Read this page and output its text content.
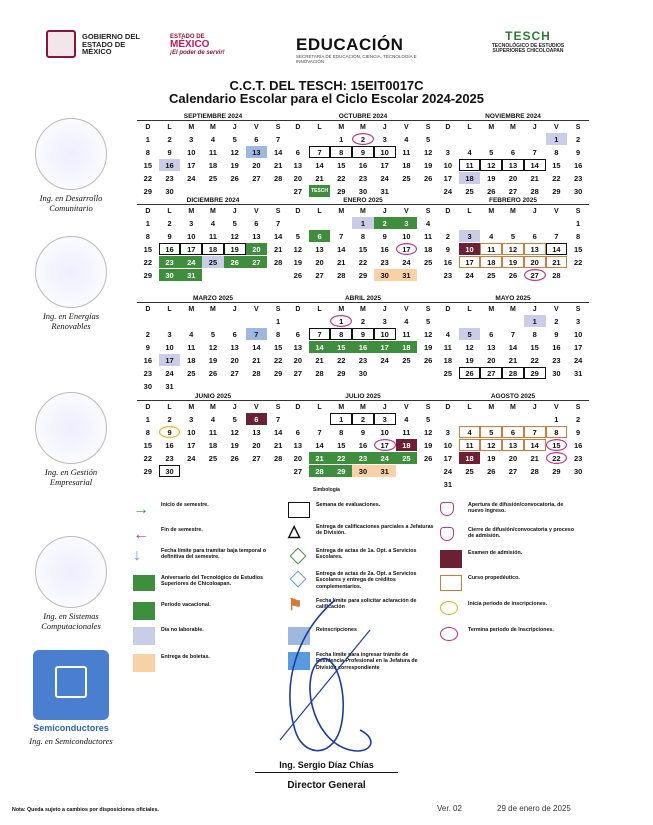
GOBIERNO DEL ESTADO DE MÉXICO
ESTADO DE
MÉXICO
¡El poder de servir!	EDUCACIÓN
SECRETARÍA DE EDUCACIÓN, CIENCIA, TECNOLOGÍA E INNOVACIÓN
TESCH
TECNOLÓGICO DE ESTUDIOS SUPERIORES CHICOLOAPAN
C.C.T. DEL TESCH: 15EIT0017C
Calendario Escolar para el Ciclo Escolar 2024-2025
Ing. en Desarrollo Comunitario
Ing. en Energías Renovables
Ing. en Gestión Empresarial
Ing. en Sistemas Computacionales
Semiconductores
Ing. en Semiconductores
SEPTIEMBRE 2024
D	L	M	M	J	V	S
1	2	3	4	5	6	7
8	9	10	11	12	13	14
15	16	17	18	19	20	21
22	23	24	25	26	27	28
29	30					
OCTUBRE 2024
D	L	M	M	J	V	S
		1	2	3	4	5
6	7	8	9	10	11	12
13	14	15	16	17	18	19
20	21	22	23	24	25	26
27	TESCH	29	30	31		
NOVIEMBRE 2024
D	L	M	M	J	V	S
					1	2
3	4	5	6	7	8	9
10	11	12	13	14	15	16
17	18	19	20	21	22	23
24	25	26	27	28	29	30
DICIEMBRE 2024
D	L	M	M	J	V	S
1	2	3	4	5	6	7
8	9	10	11	12	13	14
15	16	17	18	19	20	21
22	23	24	25	26	27	28
29	30	31				
ENERO 2025
D	L	M	M	J	V	S
			1	2	3	4
5	6	7	8	9	10	11
12	13	14	15	16	17	18
19	20	21	22	23	24	25
26	27	28	29	30	31	
FEBRERO 2025
D	L	M	M	J	V	S
						1
2	3	4	5	6	7	8
9	10	11	12	13	14	15
16	17	18	19	20	21	22
23	24	25	26	27	28	
MARZO 2025
D	L	M	M	J	V	S
						1
2	3	4	5	6	7	8
9	10	11	12	13	14	15
16	17	18	19	20	21	22
23	24	25	26	27	28	29
30	31					
ABRIL 2025
D	L	M	M	J	V	S
		1	2	3	4	5
6	7	8	9	10	11	12
13	14	15	16	17	18	19
20	21	22	23	24	25	26
27	28	29	30			
MAYO 2025
D	L	M	M	J	V	S
				1	2	3
4	5	6	7	8	9	10
11	12	13	14	15	16	17
18	19	20	21	22	23	24
25	26	27	28	29	30	31
JUNIO 2025
D	L	M	M	J	V	S
1	2	3	4	5	6	7
8	9	10	11	12	13	14
15	16	17	18	19	20	21
22	23	24	25	26	27	28
29	30					
JULIO 2025
D	L	M	M	J	V	S
		1	2	3	4	5
6	7	8	9	10	11	12
13	14	15	16	17	18	19
20	21	22	23	24	25	26
27	28	29	30	31		
AGOSTO 2025
D	L	M	M	J	V	S
					1	2
3	4	5	6	7	8	9
10	11	12	13	14	15	16
17	18	19	20	21	22	23
24	25	26	27	28	29	30
31						
Simbología
→	Inicio de semestre.
←	Fin de semestre.
↓	Fecha límite para tramitar baja temporal o definitiva del semestre.
Aniversario del Tecnológico de Estudios Superiores de Chicoloapan.
Periodo vacacional.
Día no laborable.
Entrega de boletas.
Semana de evaluaciones.
△	Entrega de calificaciones parciales a Jefaturas de División.
Entrega de actas de 1a. Opt. a Servicios Escolares.
Entrega de actas de 2a. Opt. a Servicios Escolares y entrega de créditos complementarios.
⚑	Fecha límite para solicitar aclaración de calificación
Reinscripciones
Fecha límite para ingresar trámite de Residencia Profesional en la Jefatura de División correspondiente
Apertura de difusión/convocatoria, de nuevo ingreso.
Cierre de difusión/convocatoria y proceso de admisión.
Examen de admisión.
Curso propedéutico.
Inicia periodo de inscripciones.
Termina periodo de Inscripciones.
Ing. Sergio Díaz Chías
Director General
Nota: Queda sujeto a cambios por disposiciones oficiales.	Ver. 02	29 de enero de 2025
